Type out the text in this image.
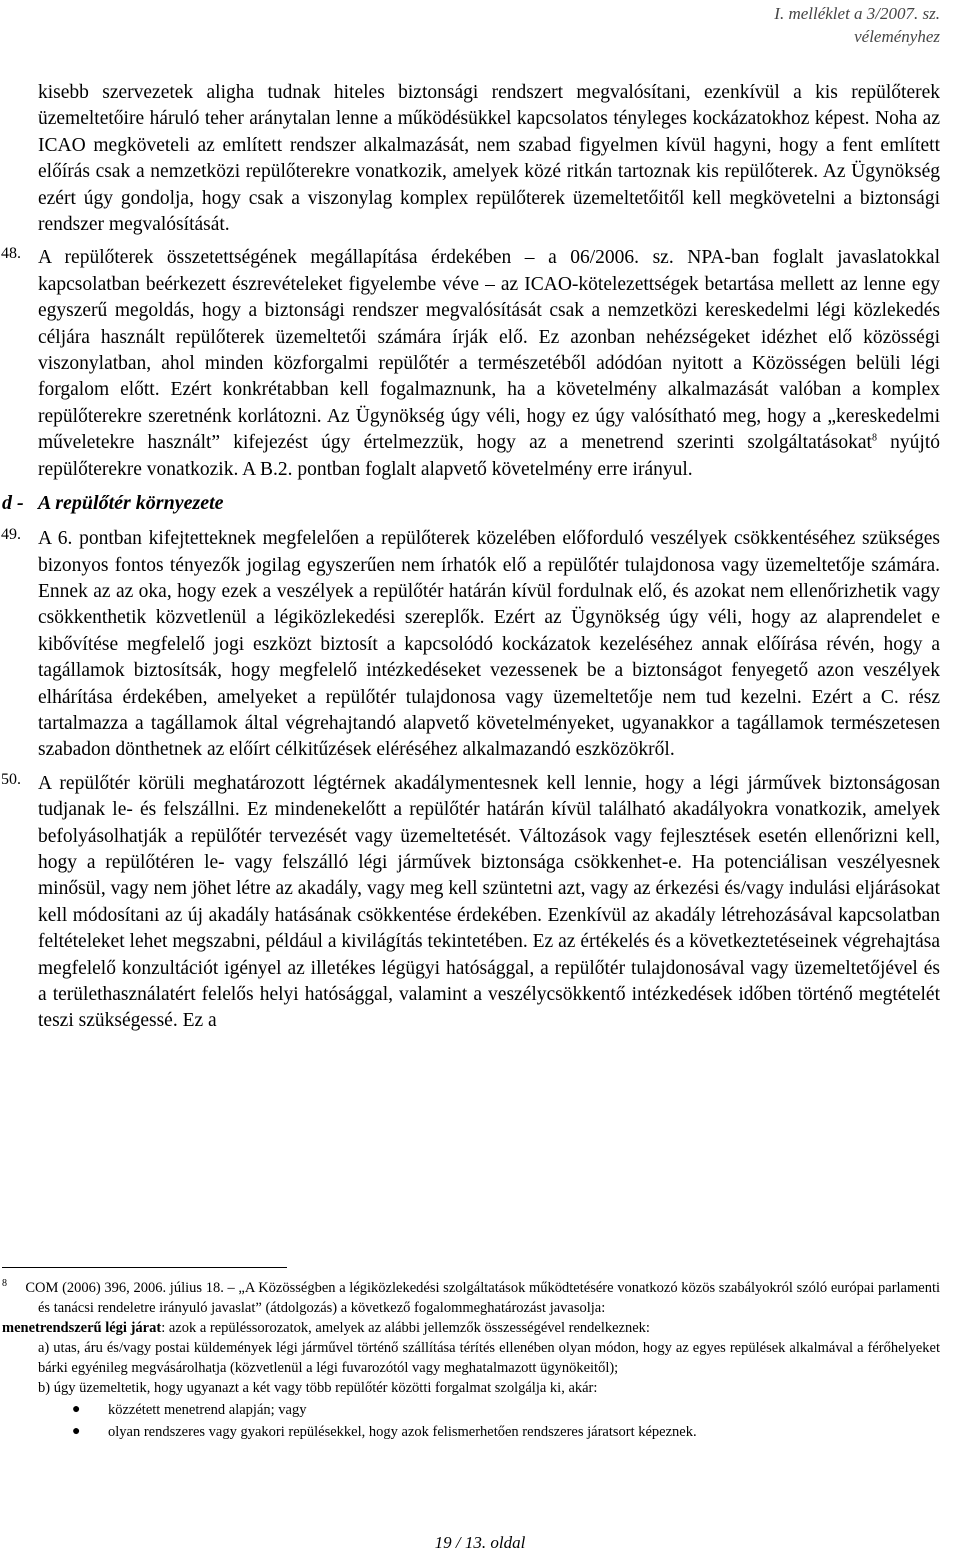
I. melléklet a 3/2007. sz.
véleményhez

kisebb szervezetek aligha tudnak hiteles biztonsági rendszert megvalósítani, ezenkívül a kis repülőterek üzemeltetőire háruló teher aránytalan lenne a működésükkel kapcsolatos tényleges kockázatokhoz képest. Noha az ICAO megköveteli az említett rendszer alkalmazását, nem szabad figyelmen kívül hagyni, hogy a fent említett előírás csak a nemzetközi repülőterekre vonatkozik, amelyek közé ritkán tartoznak kis repülőterek. Az Ügynökség ezért úgy gondolja, hogy csak a viszonylag komplex repülőterek üzemeltetőitől kell megkövetelni a biztonsági rendszer megvalósítását.

48. A repülőterek összetettségének megállapítása érdekében – a 06/2006. sz. NPA-ban foglalt javaslatokkal kapcsolatban beérkezett észrevételeket figyelembe véve – az ICAO-kötelezettségek betartása mellett az lenne egy egyszerű megoldás, hogy a biztonsági rendszer megvalósítását csak a nemzetközi kereskedelmi légi közlekedés céljára használt repülőterek üzemeltetői számára írják elő. Ez azonban nehézségeket idézhet elő közösségi viszonylatban, ahol minden közforgalmi repülőtér a természetéből adódóan nyitott a Közösségen belüli légi forgalom előtt. Ezért konkrétabban kell fogalmaznunk, ha a követelmény alkalmazását valóban a komplex repülőterekre szeretnénk korlátozni. Az Ügynökség úgy véli, hogy ez úgy valósítható meg, hogy a „kereskedelmi műveletekre használt” kifejezést úgy értelmezzük, hogy az a menetrend szerinti szolgáltatásokat$^8$ nyújtó repülőterekre vonatkozik. A B.2. pontban foglalt alapvető követelmény erre irányul.

d - A repülőtér környezete
49. A 6. pontban kifejtetteknek megfelelően a repülőterek közelében előforduló veszélyek csökkentéséhez szükséges bizonyos fontos tényezők jogilag egyszerűen nem írhatók elő a repülőtér tulajdonosa vagy üzemeltetője számára. Ennek az az oka, hogy ezek a veszélyek a repülőtér határán kívül fordulnak elő, és azokat nem ellenőrizhetik vagy csökkenthetik közvetlenül a légiközlekedési szereplők. Ezért az Ügynökség úgy véli, hogy az alaprendelet e kibővítése megfelelő jogi eszközt biztosít a kapcsolódó kockázatok kezeléséhez annak előírása révén, hogy a tagállamok biztosítsák, hogy megfelelő intézkedéseket vezessenek be a biztonságot fenyegető azon veszélyek elhárítása érdekében, amelyeket a repülőtér tulajdonosa vagy üzemeltetője nem tud kezelni. Ezért a C. rész tartalmazza a tagállamok által végrehajtandó alapvető követelményeket, ugyanakkor a tagállamok természetesen szabadon dönthetnek az előírt célkitűzések eléréséhez alkalmazandó eszközökről.

50. A repülőtér körüli meghatározott légtérnek akadálymentesnek kell lennie, hogy a légi járművek biztonságosan tudjanak le- és felszállni. Ez mindenekelőtt a repülőtér határán kívül található akadályokra vonatkozik, amelyek befolyásolhatják a repülőtér tervezését vagy üzemeltetését. Változások vagy fejlesztések esetén ellenőrizni kell, hogy a repülőtéren le- vagy felszálló légi járművek biztonsága csökkenhet-e. Ha potenciálisan veszélyesnek minősül, vagy nem jöhet létre az akadály, vagy meg kell szüntetni azt, vagy az érkezési és/vagy indulási eljárásokat kell módosítani az új akadály hatásának csökkentése érdekében. Ezenkívül az akadály létrehozásával kapcsolatban feltételeket lehet megszabni, például a kivilágítás tekintetében. Ez az értékelés és a következtetéseinek végrehajtása megfelelő konzultációt igényel az illetékes légügyi hatósággal, a repülőtér tulajdonosával vagy üzemeltetőjével és a területhasználatért felelős helyi hatósággal, valamint a veszélycsökkentő intézkedések időben történő megtételét teszi szükségessé. Ez a

$^8$ COM (2006) 396, 2006. július 18. – „A Közösségben a légiközlekedési szolgáltatások működtetésére vonatkozó közös szabályokról szóló európai parlamenti és tanácsi rendeletre irányuló javaslat” (átdolgozás) a következő fogalommeghatározást javasolja:

menetrendszerű légi járat: azok a repüléssorozatok, amelyek az alábbi jellemzők összességével rendelkeznek:

a) utas, áru és/vagy postai küldemények légi járművel történő szállítása térítés ellenében olyan módon, hogy az egyes repülések alkalmával a férőhelyeket bárki egyénileg megvásárolhatja (közvetlenül a légi fuvarozótól vagy meghatalmazott ügynökeitől);

b) úgy üzemeltetik, hogy ugyanazt a két vagy több repülőtér közötti forgalmat szolgálja ki, akár:

● közzétett menetrend alapján; vagy
● olyan rendszeres vagy gyakori repülésekkel, hogy azok felismerhetően rendszeres járatsort képeznek.
19 / 13. oldal
